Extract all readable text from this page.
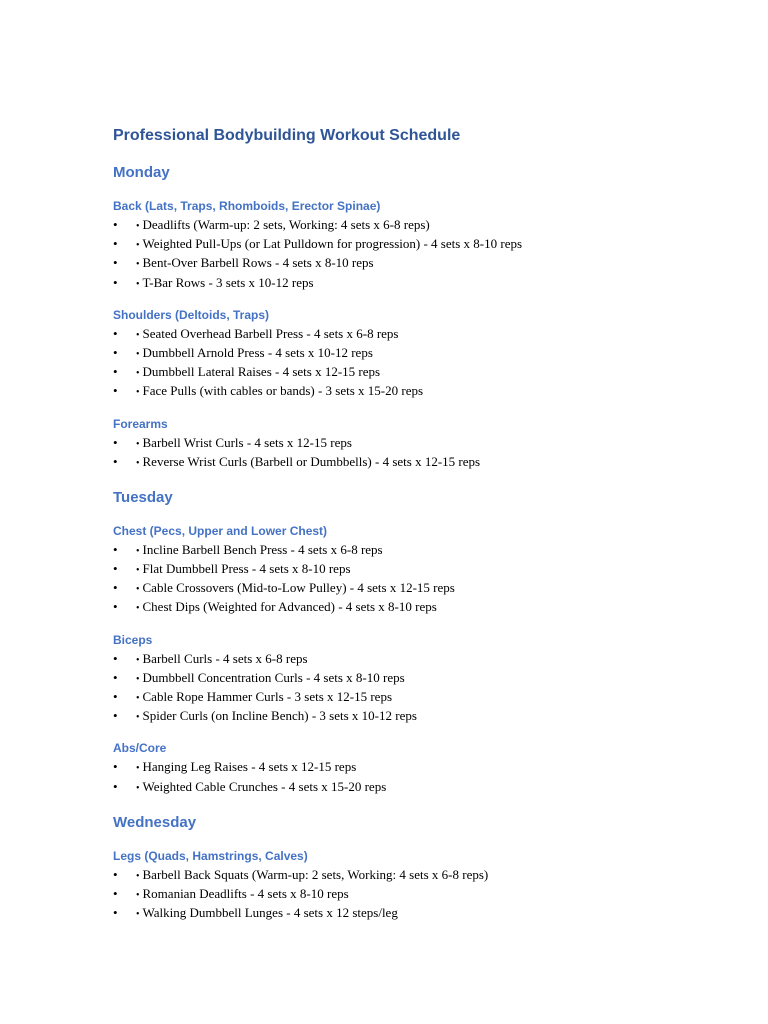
Professional Bodybuilding Workout Schedule
Monday
Back (Lats, Traps, Rhomboids, Erector Spinae)
• • Deadlifts (Warm-up: 2 sets, Working: 4 sets x 6-8 reps)
• • Weighted Pull-Ups (or Lat Pulldown for progression) - 4 sets x 8-10 reps
• • Bent-Over Barbell Rows - 4 sets x 8-10 reps
• • T-Bar Rows - 3 sets x 10-12 reps
Shoulders (Deltoids, Traps)
• • Seated Overhead Barbell Press - 4 sets x 6-8 reps
• • Dumbbell Arnold Press - 4 sets x 10-12 reps
• • Dumbbell Lateral Raises - 4 sets x 12-15 reps
• • Face Pulls (with cables or bands) - 3 sets x 15-20 reps
Forearms
• • Barbell Wrist Curls - 4 sets x 12-15 reps
• • Reverse Wrist Curls (Barbell or Dumbbells) - 4 sets x 12-15 reps
Tuesday
Chest (Pecs, Upper and Lower Chest)
• • Incline Barbell Bench Press - 4 sets x 6-8 reps
• • Flat Dumbbell Press - 4 sets x 8-10 reps
• • Cable Crossovers (Mid-to-Low Pulley) - 4 sets x 12-15 reps
• • Chest Dips (Weighted for Advanced) - 4 sets x 8-10 reps
Biceps
• • Barbell Curls - 4 sets x 6-8 reps
• • Dumbbell Concentration Curls - 4 sets x 8-10 reps
• • Cable Rope Hammer Curls - 3 sets x 12-15 reps
• • Spider Curls (on Incline Bench) - 3 sets x 10-12 reps
Abs/Core
• • Hanging Leg Raises - 4 sets x 12-15 reps
• • Weighted Cable Crunches - 4 sets x 15-20 reps
Wednesday
Legs (Quads, Hamstrings, Calves)
• • Barbell Back Squats (Warm-up: 2 sets, Working: 4 sets x 6-8 reps)
• • Romanian Deadlifts - 4 sets x 8-10 reps
• • Walking Dumbbell Lunges - 4 sets x 12 steps/leg
